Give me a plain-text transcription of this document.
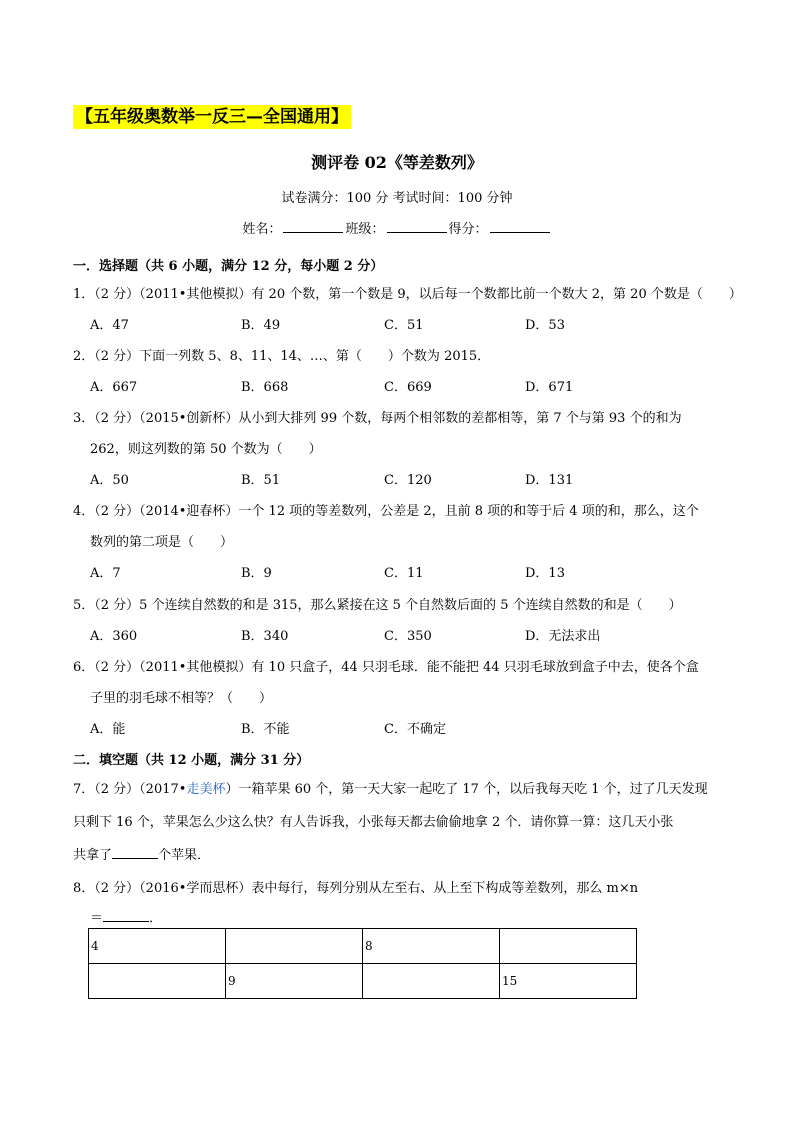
【五年级奥数举一反三—全国通用】
测评卷 02《等差数列》
试卷满分：100 分 考试时间：100 分钟
姓名：	班级：	得分：
一．选择题（共 6 小题，满分 12 分，每小题 2 分）
1．（2 分）（2011•其他模拟）有 20 个数，第一个数是 9，以后每一个数都比前一个数大 2，第 20 个数是（　　）
A．47	B．49	C．51	D．53
2．（2 分）下面一列数 5、8、11、14、…、第（　　）个数为 2015．
A．667	B．668	C．669	D．671
3．（2 分）（2015•创新杯）从小到大排列 99 个数，每两个相邻数的差都相等，第 7 个与第 93 个的和为
262，则这列数的第 50 个数为（　　）
A．50	B．51	C．120	D．131
4．（2 分）（2014•迎春杯）一个 12 项的等差数列，公差是 2，且前 8 项的和等于后 4 项的和，那么，这个
数列的第二项是（　　）
A．7	B．9	C．11	D．13
5．（2 分）5 个连续自然数的和是 315，那么紧接在这 5 个自然数后面的 5 个连续自然数的和是（　　）
A．360	B．340	C．350	D．无法求出
6．（2 分）（2011•其他模拟）有 10 只盒子，44 只羽毛球．能不能把 44 只羽毛球放到盒子中去，使各个盒
子里的羽毛球不相等？（　　）
A．能	B．不能	C．不确定
二．填空题（共 12 小题，满分 31 分）
7．（2 分）（2017•走美杯）一箱苹果 60 个，第一天大家一起吃了 17 个，以后我每天吃 1 个，过了几天发现
只剩下 16 个，苹果怎么少这么快？有人告诉我，小张每天都去偷偷地拿 2 个．请你算一算：这几天小张
共拿了	个苹果．
8．（2 分）（2016•学而思杯）表中每行，每列分别从左至右、从上至下构成等差数列，那么 m×n
＝	．
4		8	
	9		15
